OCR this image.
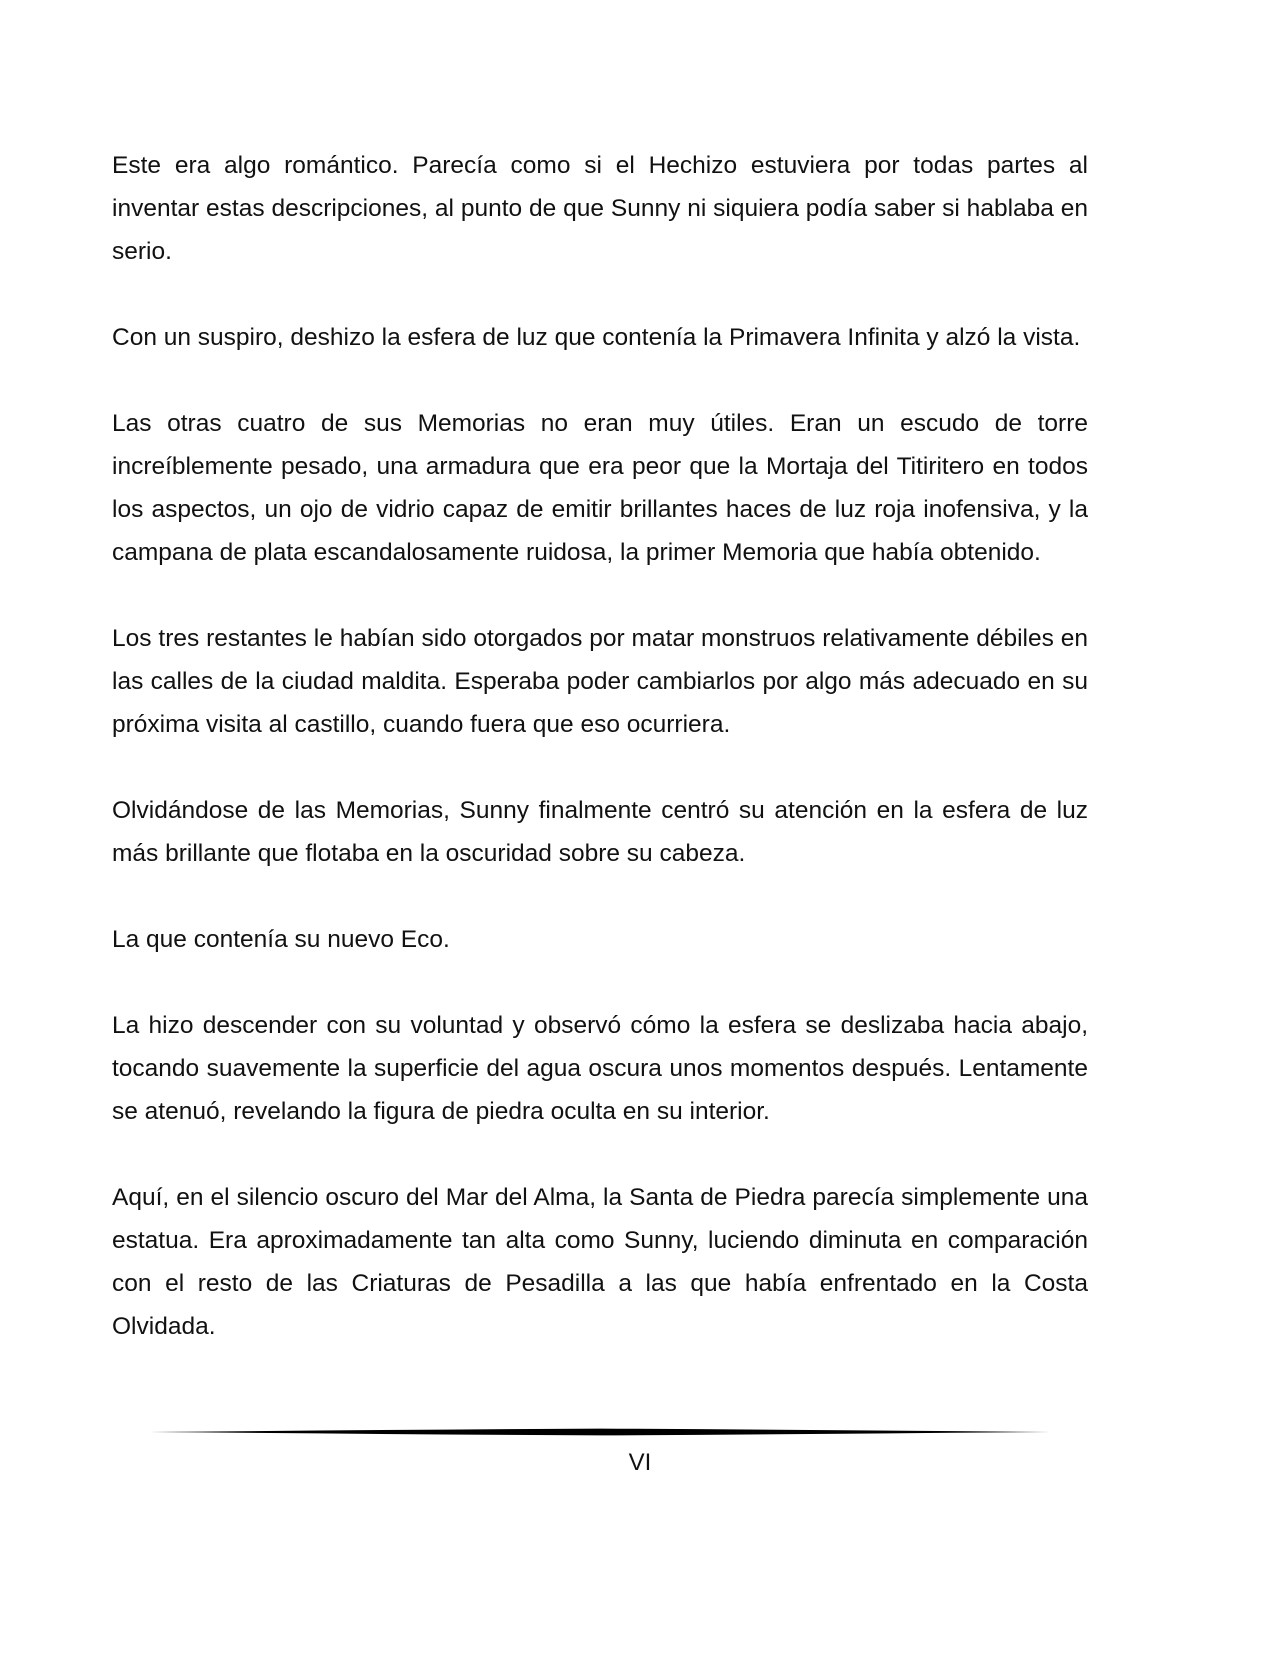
Este era algo romántico. Parecía como si el Hechizo estuviera por todas partes al inventar estas descripciones, al punto de que Sunny ni siquiera podía saber si hablaba en serio.

Con un suspiro, deshizo la esfera de luz que contenía la Primavera Infinita y alzó la vista.

Las otras cuatro de sus Memorias no eran muy útiles. Eran un escudo de torre increíblemente pesado, una armadura que era peor que la Mortaja del Titiritero en todos los aspectos, un ojo de vidrio capaz de emitir brillantes haces de luz roja inofensiva, y la campana de plata escandalosamente ruidosa, la primer Memoria que había obtenido.

Los tres restantes le habían sido otorgados por matar monstruos relativamente débiles en las calles de la ciudad maldita. Esperaba poder cambiarlos por algo más adecuado en su próxima visita al castillo, cuando fuera que eso ocurriera.

Olvidándose de las Memorias, Sunny finalmente centró su atención en la esfera de luz más brillante que flotaba en la oscuridad sobre su cabeza.

La que contenía su nuevo Eco.

La hizo descender con su voluntad y observó cómo la esfera se deslizaba hacia abajo, tocando suavemente la superficie del agua oscura unos momentos después. Lentamente se atenuó, revelando la figura de piedra oculta en su interior.

Aquí, en el silencio oscuro del Mar del Alma, la Santa de Piedra parecía simplemente una estatua. Era aproximadamente tan alta como Sunny, luciendo diminuta en comparación con el resto de las Criaturas de Pesadilla a las que había enfrentado en la Costa Olvidada.

VI
